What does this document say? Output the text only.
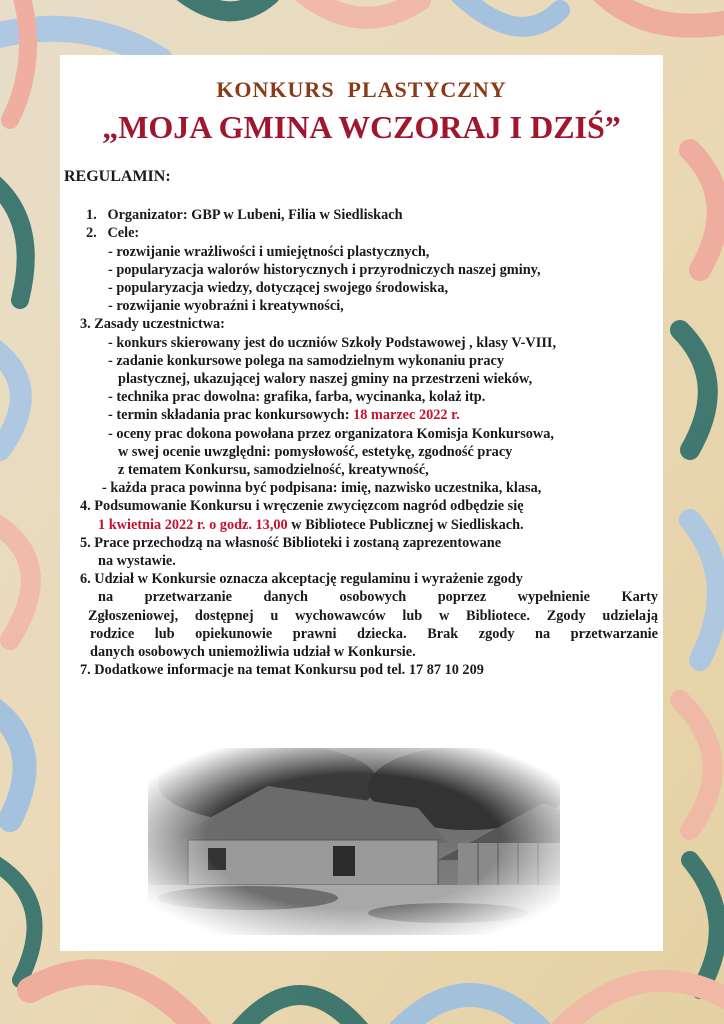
KONKURS  PLASTYCZNY
„MOJA GMINA WCZORAJ I DZIŚ”
REGULAMIN:
1.   Organizator: GBP w Lubeni, Filia w Siedliskach
2.   Cele:
- rozwijanie wrażliwości i umiejętności plastycznych,
- popularyzacja walorów historycznych i przyrodniczych naszej gminy,
- popularyzacja wiedzy, dotyczącej swojego środowiska,
- rozwijanie wyobraźni i kreatywności,
3. Zasady uczestnictwa:
- konkurs skierowany jest do uczniów Szkoły Podstawowej , klasy V-VIII,
- zadanie konkursowe polega na samodzielnym wykonaniu pracy
plastycznej, ukazującej walory naszej gminy na przestrzeni wieków,
- technika prac dowolna: grafika, farba, wycinanka, kolaż itp.
- termin składania prac konkursowych: 18 marzec 2022 r.
- oceny prac dokona powołana przez organizatora Komisja Konkursowa,
w swej ocenie uwzględni: pomysłowość, estetykę, zgodność pracy
z tematem Konkursu, samodzielność, kreatywność,
- każda praca powinna być podpisana: imię, nazwisko uczestnika, klasa,
4. Podsumowanie Konkursu i wręczenie zwycięzcom nagród odbędzie się
1 kwietnia 2022 r. o godz. 13,00 w Bibliotece Publicznej w Siedliskach.
5. Prace przechodzą na własność Biblioteki i zostaną zaprezentowane
na wystawie.
6. Udział w Konkursie oznacza akceptację regulaminu i wyrażenie zgody
na przetwarzanie danych osobowych poprzez wypełnienie Karty
Zgłoszeniowej, dostępnej u wychowawców lub w Bibliotece. Zgody udzielają
rodzice lub opiekunowie prawni dziecka. Brak zgody na przetwarzanie
danych osobowych uniemożliwia udział w Konkursie.
7. Dodatkowe informacje na temat Konkursu pod tel. 17 87 10 209
